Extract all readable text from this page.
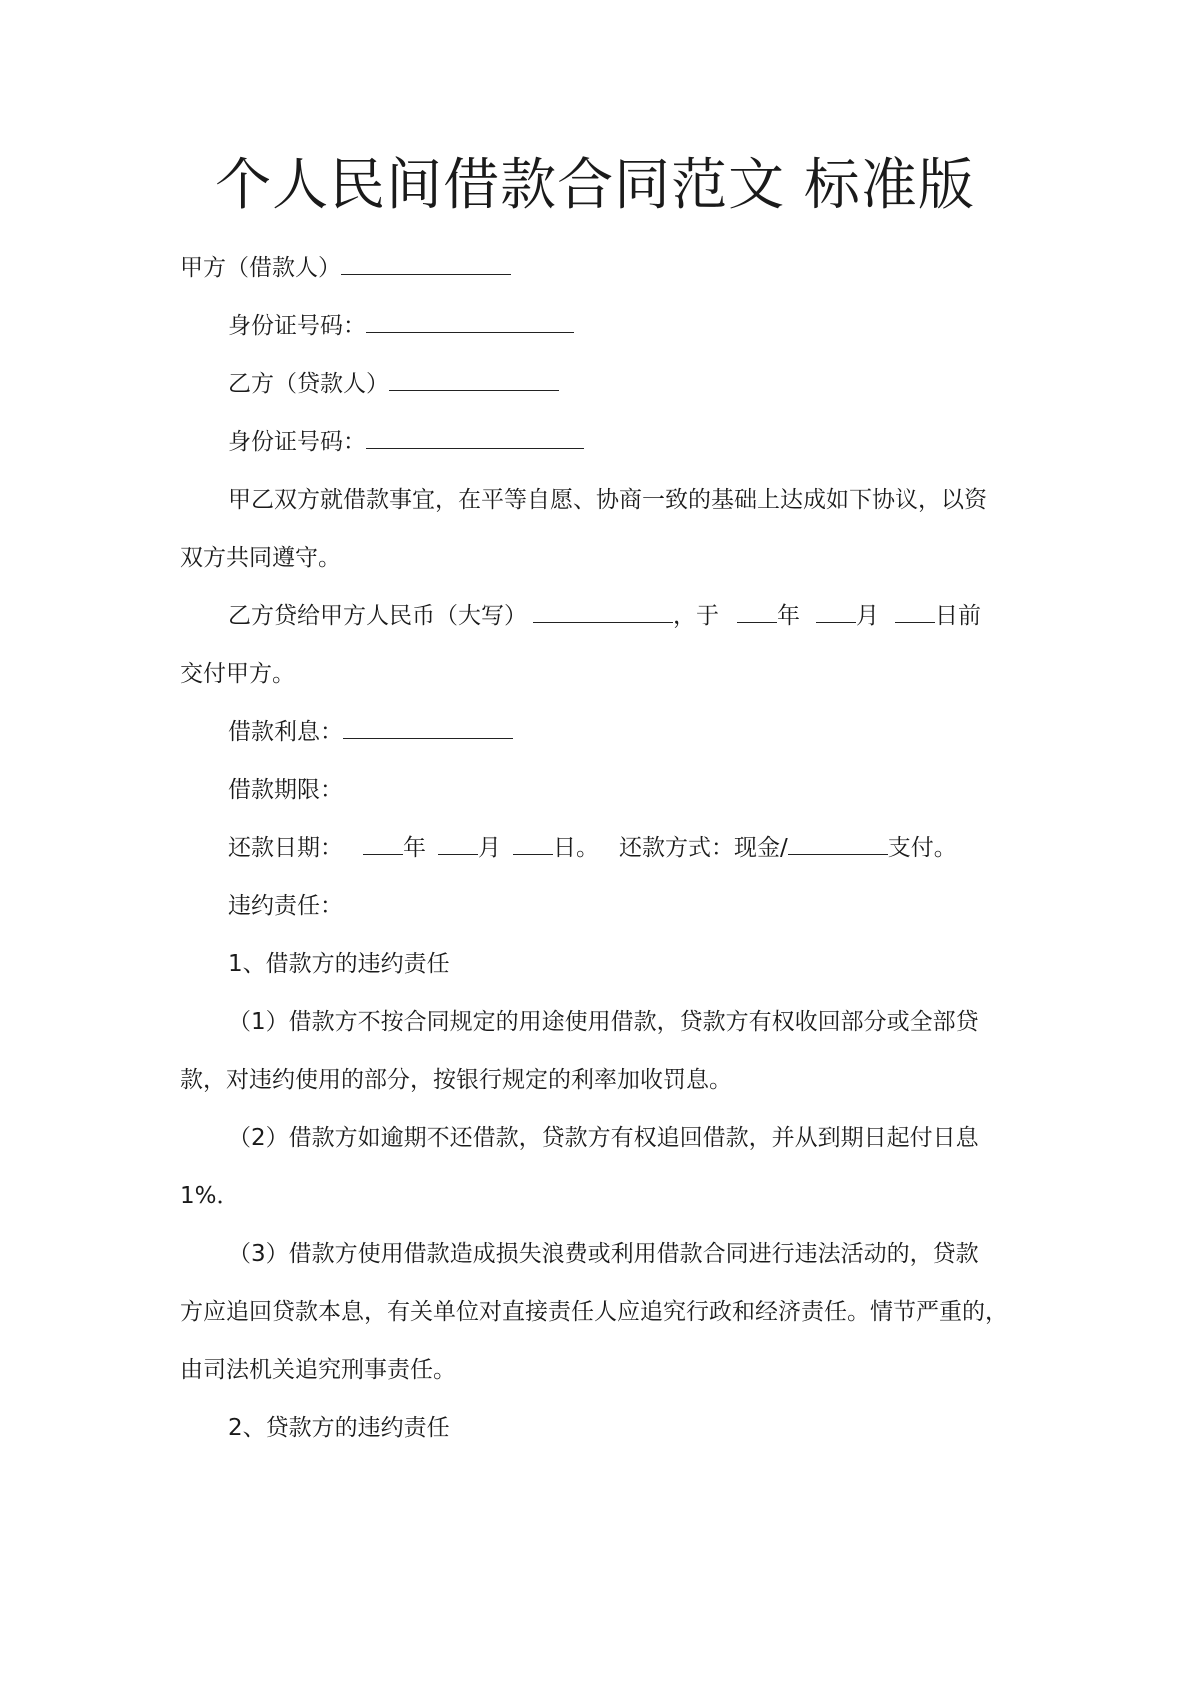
个人民间借款合同范文 标准版
甲方（借款人）
身份证号码：
乙方（贷款人）
身份证号码：
甲乙双方就借款事宜，在平等自愿、协商一致的基础上达成如下协议，以资
双方共同遵守。
乙方贷给甲方人民币（大写）	，于	年 月 日前
交付甲方。
借款利息：
借款期限：
还款日期：	年 月 日。 还款方式：现金/	支付。
违约责任：
1、借款方的违约责任
（1）借款方不按合同规定的用途使用借款，贷款方有权收回部分或全部贷
款，对违约使用的部分，按银行规定的利率加收罚息。
（2）借款方如逾期不还借款，贷款方有权追回借款，并从到期日起付日息
1%．
（3）借款方使用借款造成损失浪费或利用借款合同进行违法活动的，贷款
方应追回贷款本息，有关单位对直接责任人应追究行政和经济责任。情节严重的，
由司法机关追究刑事责任。
2、贷款方的违约责任
